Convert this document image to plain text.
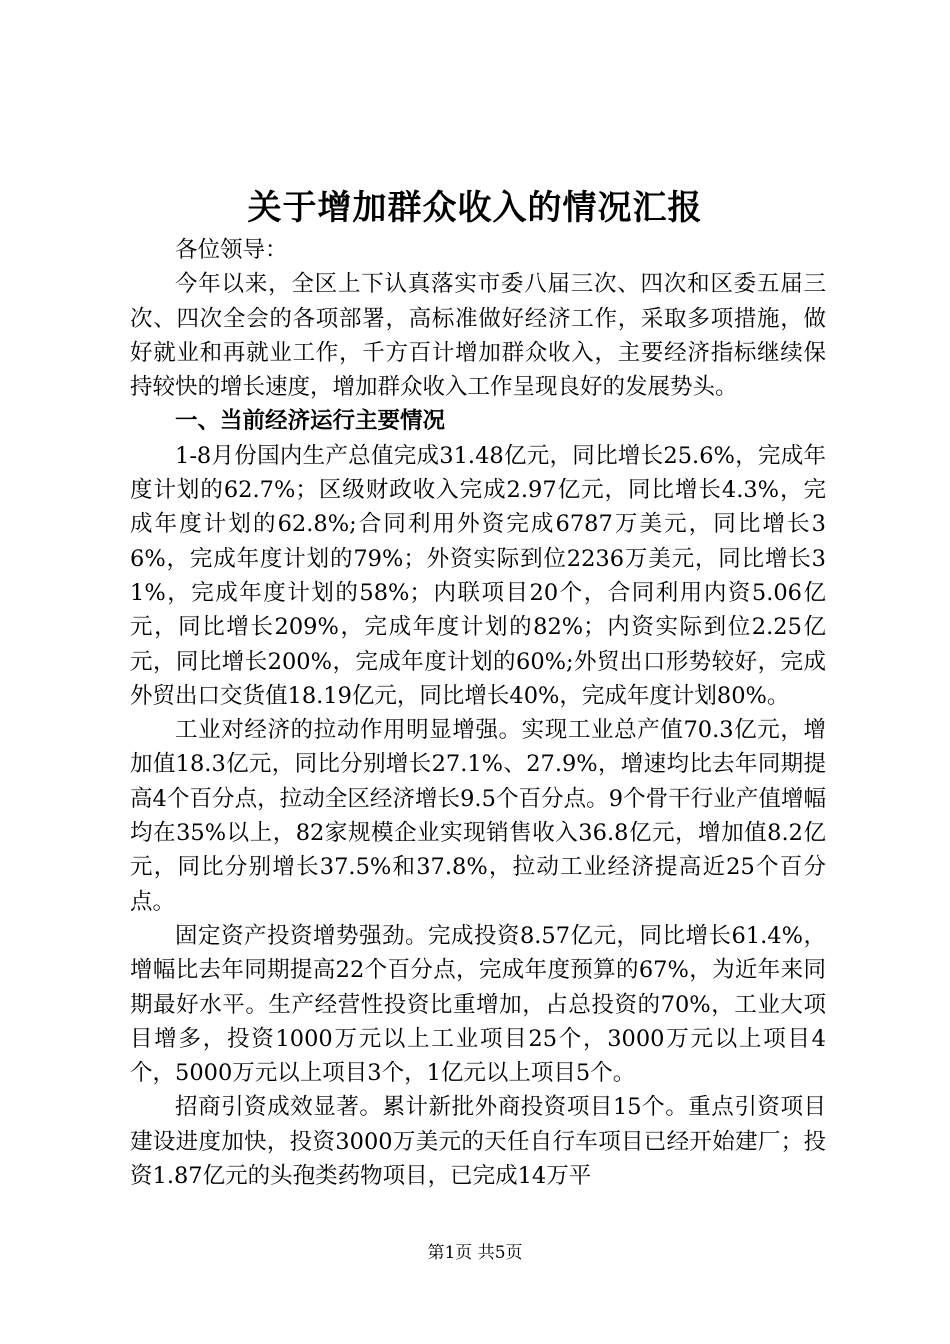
关于增加群众收入的情况汇报

各位领导：

今年以来，全区上下认真落实市委八届三次、四次和区委五届三次、四次全会的各项部署，高标准做好经济工作，采取多项措施，做好就业和再就业工作，千方百计增加群众收入，主要经济指标继续保持较快的增长速度，增加群众收入工作呈现良好的发展势头。

一、当前经济运行主要情况

1-8月份国内生产总值完成31.48亿元，同比增长25.6%，完成年度计划的62.7%；区级财政收入完成2.97亿元，同比增长4.3%，完成年度计划的62.8%;合同利用外资完成6787万美元，同比增长36%，完成年度计划的79%；外资实际到位2236万美元，同比增长31%，完成年度计划的58%；内联项目20个，合同利用内资5.06亿元，同比增长209%，完成年度计划的82%；内资实际到位2.25亿元，同比增长200%，完成年度计划的60%;外贸出口形势较好，完成外贸出口交货值18.19亿元，同比增长40%，完成年度计划80%。

工业对经济的拉动作用明显增强。实现工业总产值70.3亿元，增加值18.3亿元，同比分别增长27.1%、27.9%，增速均比去年同期提高4个百分点，拉动全区经济增长9.5个百分点。9个骨干行业产值增幅均在35%以上，82家规模企业实现销售收入36.8亿元，增加值8.2亿元，同比分别增长37.5%和37.8%，拉动工业经济提高近25个百分点。

固定资产投资增势强劲。完成投资8.57亿元，同比增长61.4%，增幅比去年同期提高22个百分点，完成年度预算的67%，为近年来同期最好水平。生产经营性投资比重增加，占总投资的70%，工业大项目增多，投资1000万元以上工业项目25个，3000万元以上项目4个，5000万元以上项目3个，1亿元以上项目5个。

招商引资成效显著。累计新批外商投资项目15个。重点引资项目建设进度加快，投资3000万美元的天任自行车项目已经开始建厂；投资1.87亿元的头孢类药物项目，已完成14万平

第1页 共5页
